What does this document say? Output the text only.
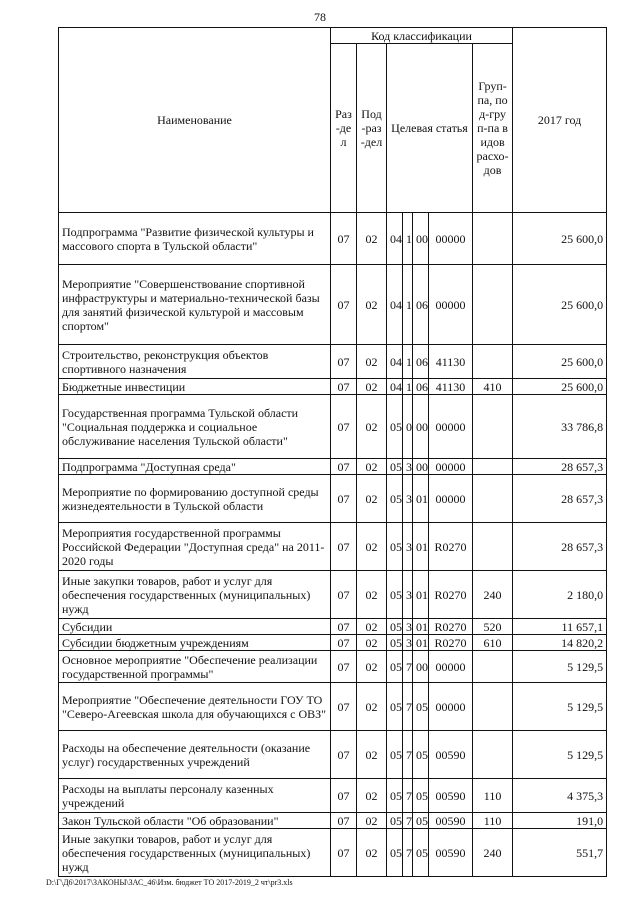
78
Наименование	Код классификации							2017 год
	Раз-дел	Под-раз-дел	Целевая статья				Груп-па, под-груп-па видов расхо-дов	
Подпрограмма "Развитие физической культуры и массового спорта в Тульской области"	07	02	04	1	00	00000		25 600,0
Мероприятие "Совершенствование спортивной инфраструктуры и материально-технической базы для занятий физической культурой и массовым спортом"	07	02	04	1	06	00000		25 600,0
Строительство, реконструкция объектов спортивного назначения	07	02	04	1	06	41130		25 600,0
Бюджетные инвестиции	07	02	04	1	06	41130	410	25 600,0
Государственная программа Тульской области "Социальная поддержка и социальное обслуживание населения Тульской области"	07	02	05	0	00	00000		33 786,8
Подпрограмма "Доступная среда"	07	02	05	3	00	00000		28 657,3
Мероприятие по формированию доступной среды жизнедеятельности в Тульской области	07	02	05	3	01	00000		28 657,3
Мероприятия государственной программы Российской Федерации "Доступная среда" на 2011-2020 годы	07	02	05	3	01	R0270		28 657,3
Иные закупки товаров, работ и услуг для обеспечения государственных (муниципальных) нужд	07	02	05	3	01	R0270	240	2 180,0
Субсидии	07	02	05	3	01	R0270	520	11 657,1
Субсидии бюджетным учреждениям	07	02	05	3	01	R0270	610	14 820,2
Основное мероприятие "Обеспечение реализации государственной программы"	07	02	05	7	00	00000		5 129,5
Мероприятие "Обеспечение деятельности ГОУ ТО "Северо-Агеевская школа для обучающихся с ОВЗ"	07	02	05	7	05	00000		5 129,5
Расходы на обеспечение деятельности (оказание услуг) государственных учреждений	07	02	05	7	05	00590		5 129,5
Расходы на выплаты персоналу казенных учреждений	07	02	05	7	05	00590	110	4 375,3
Закон Тульской области "Об образовании"	07	02	05	7	05	00590	110	191,0
Иные закупки товаров, работ и услуг для обеспечения государственных (муниципальных) нужд	07	02	05	7	05	00590	240	551,7
D:\Г\Д6\2017\ЗАКОНЫ\ЗАС_46\Изм. бюджет ТО 2017-2019_2 чт\pr3.xls
